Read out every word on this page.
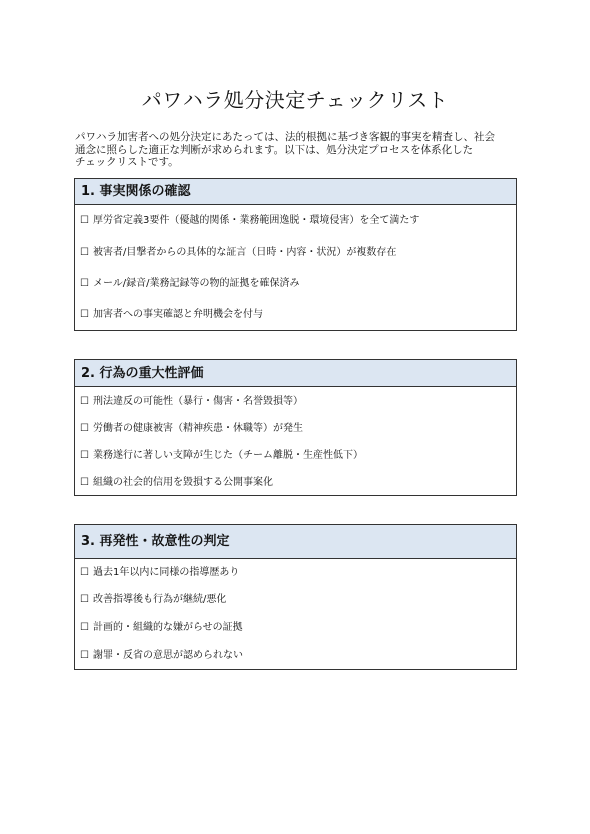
パワハラ処分決定チェックリスト
パワハラ加害者への処分決定にあたっては、法的根拠に基づき客観的事実を精査し、社会
通念に照らした適正な判断が求められます。以下は、処分決定プロセスを体系化した
チェックリストです。
1. 事実関係の確認
☐ 厚労省定義3要件（優越的関係・業務範囲逸脱・環境侵害）を全て満たす
☐ 被害者/目撃者からの具体的な証言（日時・内容・状況）が複数存在
☐ メール/録音/業務記録等の物的証拠を確保済み
☐ 加害者への事実確認と弁明機会を付与
2. 行為の重大性評価
☐ 刑法違反の可能性（暴行・傷害・名誉毀損等）
☐ 労働者の健康被害（精神疾患・休職等）が発生
☐ 業務遂行に著しい支障が生じた（チーム離脱・生産性低下）
☐ 組織の社会的信用を毀損する公開事案化
3. 再発性・故意性の判定
☐ 過去1年以内に同様の指導歴あり
☐ 改善指導後も行為が継続/悪化
☐ 計画的・組織的な嫌がらせの証拠
☐ 謝罪・反省の意思が認められない
